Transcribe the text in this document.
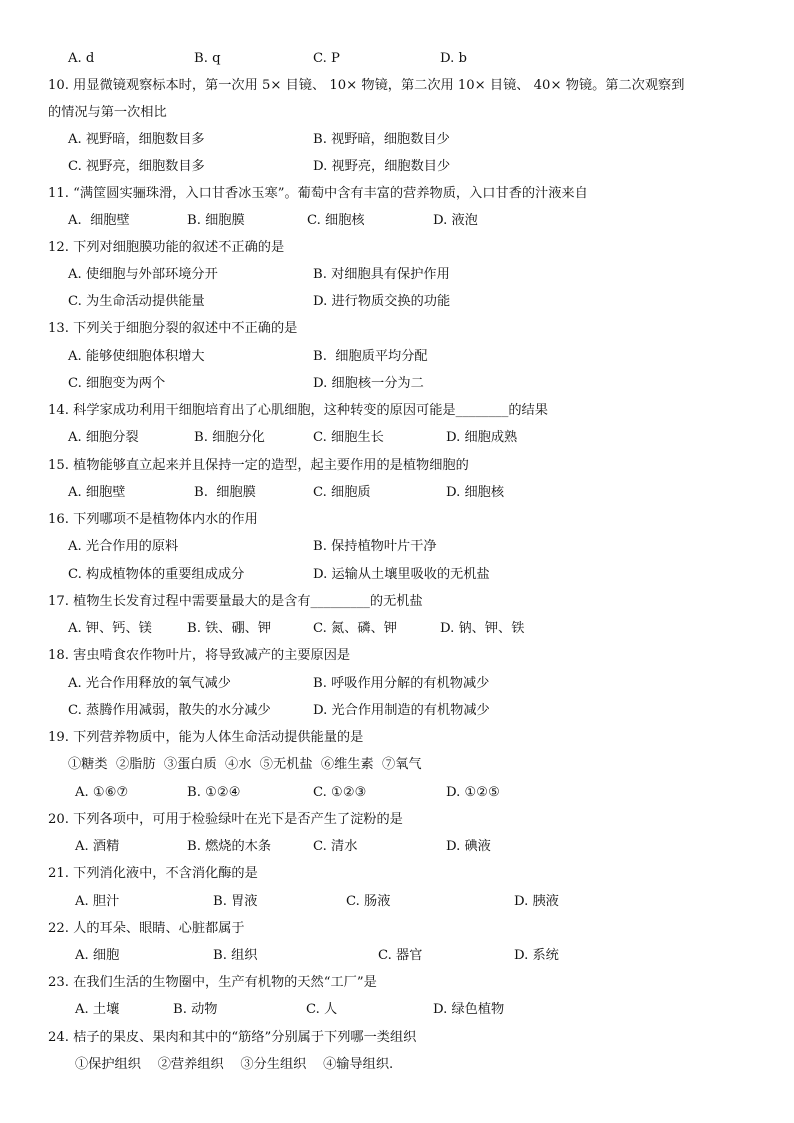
A. d	B. q	C. P	D. b
10. 用显微镜观察标本时，第一次用 5× 目镜、 10× 物镜，第二次用 10× 目镜、 40× 物镜。第二次观察到
的情况与第一次相比
A. 视野暗，细胞数目多	B. 视野暗，细胞数目少
C. 视野亮，细胞数目多	D. 视野亮，细胞数目少
11. “满筐圆实骊珠滑，入口甘香冰玉寒”。葡萄中含有丰富的营养物质，入口甘香的汁液来自
A.  细胞壁	B. 细胞膜	C. 细胞核	D. 液泡
12. 下列对细胞膜功能的叙述不正确的是
A. 使细胞与外部环境分开	B. 对细胞具有保护作用
C. 为生命活动提供能量	D. 进行物质交换的功能
13. 下列关于细胞分裂的叙述中不正确的是
A. 能够使细胞体积增大	B.  细胞质平均分配
C. 细胞变为两个	D. 细胞核一分为二
14. 科学家成功利用干细胞培育出了心肌细胞，这种转变的原因可能是________的结果
A. 细胞分裂	B. 细胞分化	C. 细胞生长	D. 细胞成熟
15. 植物能够直立起来并且保持一定的造型，起主要作用的是植物细胞的
A. 细胞壁	B.  细胞膜	C. 细胞质	D. 细胞核
16. 下列哪项不是植物体内水的作用
A. 光合作用的原料	B. 保持植物叶片干净
C. 构成植物体的重要组成成分	D. 运输从土壤里吸收的无机盐
17. 植物生长发育过程中需要量最大的是含有_________的无机盐
A. 钾、钙、镁	B. 铁、硼、钾	C. 氮、磷、钾	D. 钠、钾、铁
18. 害虫啃食农作物叶片，将导致减产的主要原因是
A. 光合作用释放的氧气减少	B. 呼吸作用分解的有机物减少
C. 蒸腾作用减弱，散失的水分减少	D. 光合作用制造的有机物减少
19. 下列营养物质中，能为人体生命活动提供能量的是
①糖类  ②脂肪  ③蛋白质  ④水  ⑤无机盐  ⑥维生素  ⑦氧气
A. ①⑥⑦	B. ①②④	C. ①②③	D. ①②⑤
20. 下列各项中，可用于检验绿叶在光下是否产生了淀粉的是
A. 酒精	B. 燃烧的木条	C. 清水	D. 碘液
21. 下列消化液中，不含消化酶的是
A. 胆汁	B. 胃液	C. 肠液	D. 胰液
22. 人的耳朵、眼睛、心脏都属于
A. 细胞	B. 组织	C. 器官	D. 系统
23. 在我们生活的生物圈中，生产有机物的天然“工厂”是
A. 土壤	B. 动物	C. 人	D. 绿色植物
24. 桔子的果皮、果肉和其中的“筋络”分别属于下列哪一类组织
①保护组织    ②营养组织    ③分生组织    ④输导组织.
